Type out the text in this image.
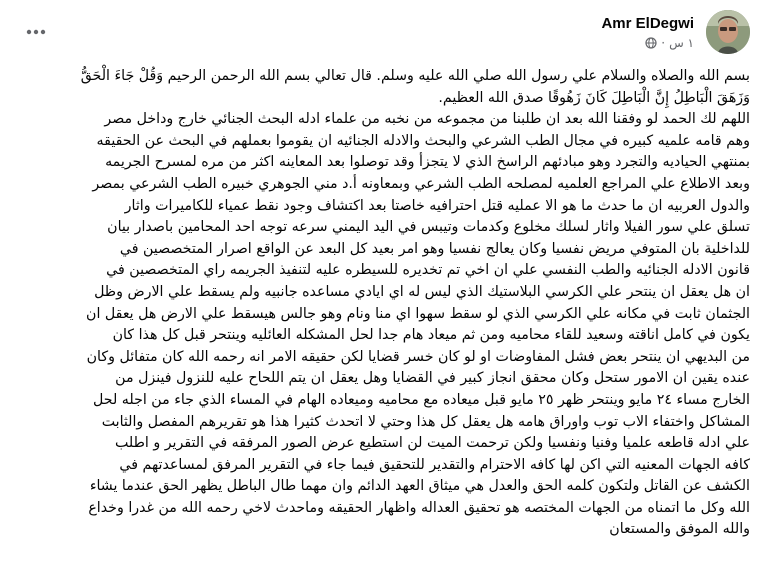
Amr ElDegwi
١ س
·
بسم الله والصلاه والسلام علي رسول الله صلي الله عليه وسلم. قال تعالي بسم الله الرحمن الرحيم وَقُلْ جَاءَ الْحَقُّ
وَزَهَقَ الْبَاطِلُ إِنَّ الْبَاطِلَ كَانَ زَهُوقًا صدق الله العظيم.
اللهم لك الحمد لو وفقنا الله بعد ان طلبنا من مجموعه من نخبه من علماء ادله البحث الجنائي خارج وداخل مصر
وهم قامه علميه كبيره في مجال الطب الشرعي والبحث والادله الجنائيه ان يقوموا بعملهم في البحث عن الحقيقه
بمنتهي الحياديه والتجرد وهو مبادئهم الراسخ الذي لا يتجزأ وقد توصلوا بعد المعاينه اكثر من مره لمسرح الجريمه
وبعد الاطلاع علي المراجع العلميه لمصلحه الطب الشرعي وبمعاونه أ.د مني الجوهري خبيره الطب الشرعي بمصر
والدول العربيه ان ما حدث ما هو الا عمليه قتل احترافيه خاصتا بعد اكتشاف وجود نقط عمياء للكاميرات واثار
تسلق علي سور الفيلا واثار لسلك مخلوع وكدمات وتيبس في اليد اليمني سرعه توجه احد المحامين باصدار بيان
للداخلية بان المتوفي مريض نفسيا وكان يعالج نفسيا وهو امر بعيد كل البعد عن الواقع اصرار المتخصصين في
قانون الادله الجنائيه والطب النفسي علي ان اخي تم تخديره للسيطره عليه لتنفيذ الجريمه راي المتخصصين في
ان هل يعقل ان ينتحر علي الكرسي البلاستيك الذي ليس له اي ايادي مساعده جانبيه ولم يسقط علي الارض وظل
الجثمان ثابت في مكانه علي الكرسي الذي لو سقط سهوا اي منا ونام وهو جالس هيسقط علي الارض هل يعقل ان
يكون في كامل اناقته وسعيد للقاء محاميه ومن ثم ميعاد هام جدا لحل المشكله العائليه وينتحر قبل كل هذا كان
من البديهي ان ينتحر بعض فشل المفاوضات او لو كان خسر قضايا لكن حقيقه الامر انه رحمه الله كان متفائل وكان
عنده يقين ان الامور ستحل وكان محقق انجاز كبير في القضايا وهل يعقل ان يتم اللحاح عليه للنزول فينزل من
الخارج مساء ٢٤ مايو وينتحر ظهر ٢٥ مايو قبل ميعاده مع محاميه وميعاده الهام في المساء الذي جاء من اجله لحل
المشاكل واختفاء الاب توب واوراق هامه هل يعقل كل هذا وحتي لا اتحدث كثيرا هذا هو تقريرهم المفصل والثابت
علي ادله قاطعه علميا وفنيا ونفسيا ولكن ترحمت الميت لن استطيع عرض الصور المرفقه في التقرير و اطلب
كافه الجهات المعنيه التي اكن لها كافه الاحترام والتقدير للتحقيق فيما جاء في التقرير المرفق لمساعدتهم في
الكشف عن القاتل ولتكون كلمه الحق والعدل هي ميثاق العهد الدائم وان مهما طال الباطل يظهر الحق عندما يشاء
الله وكل ما اتمناه من الجهات المختصه هو تحقيق العداله واظهار الحقيقه وماحدث لاخي رحمه الله من غدرا وخداع
والله الموفق والمستعان
